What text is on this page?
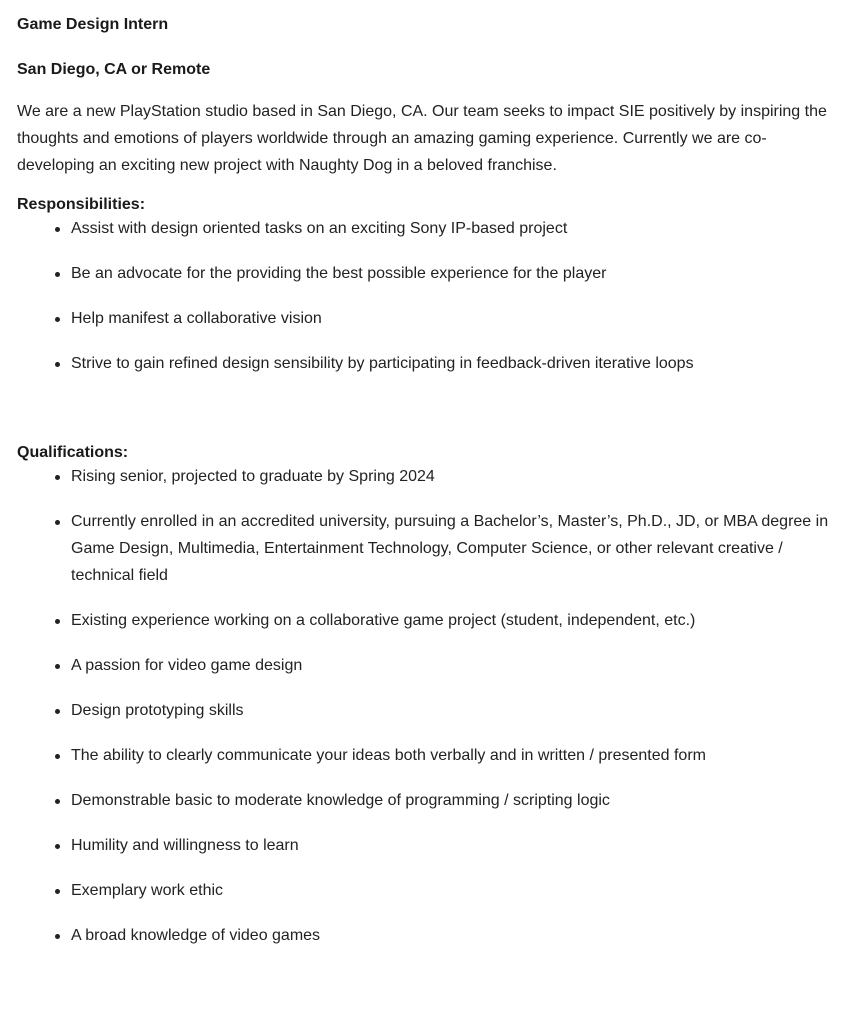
Game Design Intern

San Diego, CA or Remote

We are a new PlayStation studio based in San Diego, CA. Our team seeks to impact SIE positively by inspiring the thoughts and emotions of players worldwide through an amazing gaming experience. Currently we are co-developing an exciting new project with Naughty Dog in a beloved franchise.

Responsibilities:

Assist with design oriented tasks on an exciting Sony IP-based project
Be an advocate for the providing the best possible experience for the player
Help manifest a collaborative vision
Strive to gain refined design sensibility by participating in feedback-driven iterative loops

Qualifications:

Rising senior, projected to graduate by Spring 2024
Currently enrolled in an accredited university, pursuing a Bachelor’s, Master’s, Ph.D., JD, or MBA degree in Game Design, Multimedia, Entertainment Technology, Computer Science, or other relevant creative / technical field
Existing experience working on a collaborative game project (student, independent, etc.)
A passion for video game design
Design prototyping skills
The ability to clearly communicate your ideas both verbally and in written / presented form
Demonstrable basic to moderate knowledge of programming / scripting logic
Humility and willingness to learn
Exemplary work ethic
A broad knowledge of video games
